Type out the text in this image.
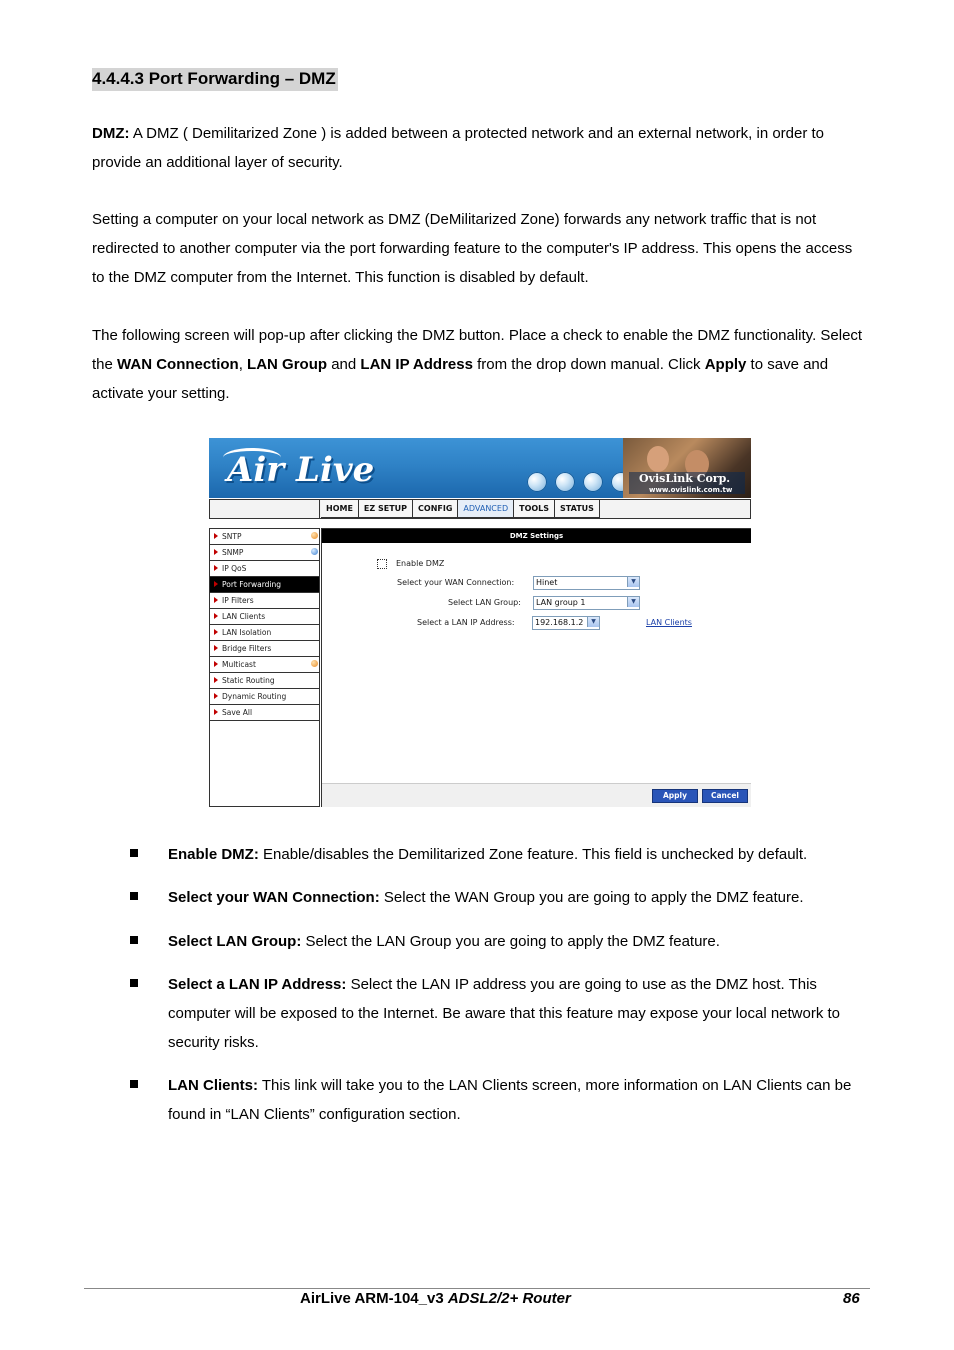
4.4.4.3 Port Forwarding – DMZ

DMZ: A DMZ ( Demilitarized Zone ) is added between a protected network and an external network, in order to provide an additional layer of security.

Setting a computer on your local network as DMZ (DeMilitarized Zone) forwards any network traffic that is not redirected to another computer via the port forwarding feature to the computer's IP address. This opens the access to the DMZ computer from the Internet. This function is disabled by default.

The following screen will pop-up after clicking the DMZ button. Place a check to enable the DMZ functionality. Select the WAN Connection, LAN Group and LAN IP Address from the drop down manual. Click Apply to save and activate your setting.

Air Live	OvisLink Corp.
www.ovislink.com.tw
HOME	EZ SETUP	CONFIG	ADVANCED	TOOLS	STATUS
SNTP
SNMP
IP QoS
Port Forwarding
IP Filters
LAN Clients
LAN Isolation
Bridge Filters
Multicast
Static Routing
Dynamic Routing
Save All
DMZ Settings
Enable DMZ
Select your WAN Connection:	Hinet	▼
Select LAN Group:	LAN group 1	▼
Select a LAN IP Address:	192.168.1.2	▼	LAN Clients
Apply	Cancel
Enable DMZ: Enable/disables the Demilitarized Zone feature. This field is unchecked by default.
Select your WAN Connection: Select the WAN Group you are going to apply the DMZ feature.
Select LAN Group: Select the LAN Group you are going to apply the DMZ feature.
Select a LAN IP Address: Select the LAN IP address you are going to use as the DMZ host. This computer will be exposed to the Internet. Be aware that this feature may expose your local network to security risks.
LAN Clients: This link will take you to the LAN Clients screen, more information on LAN Clients can be found in “LAN Clients” configuration section.
AirLive ARM-104_v3 ADSL2/2+ Router	86
